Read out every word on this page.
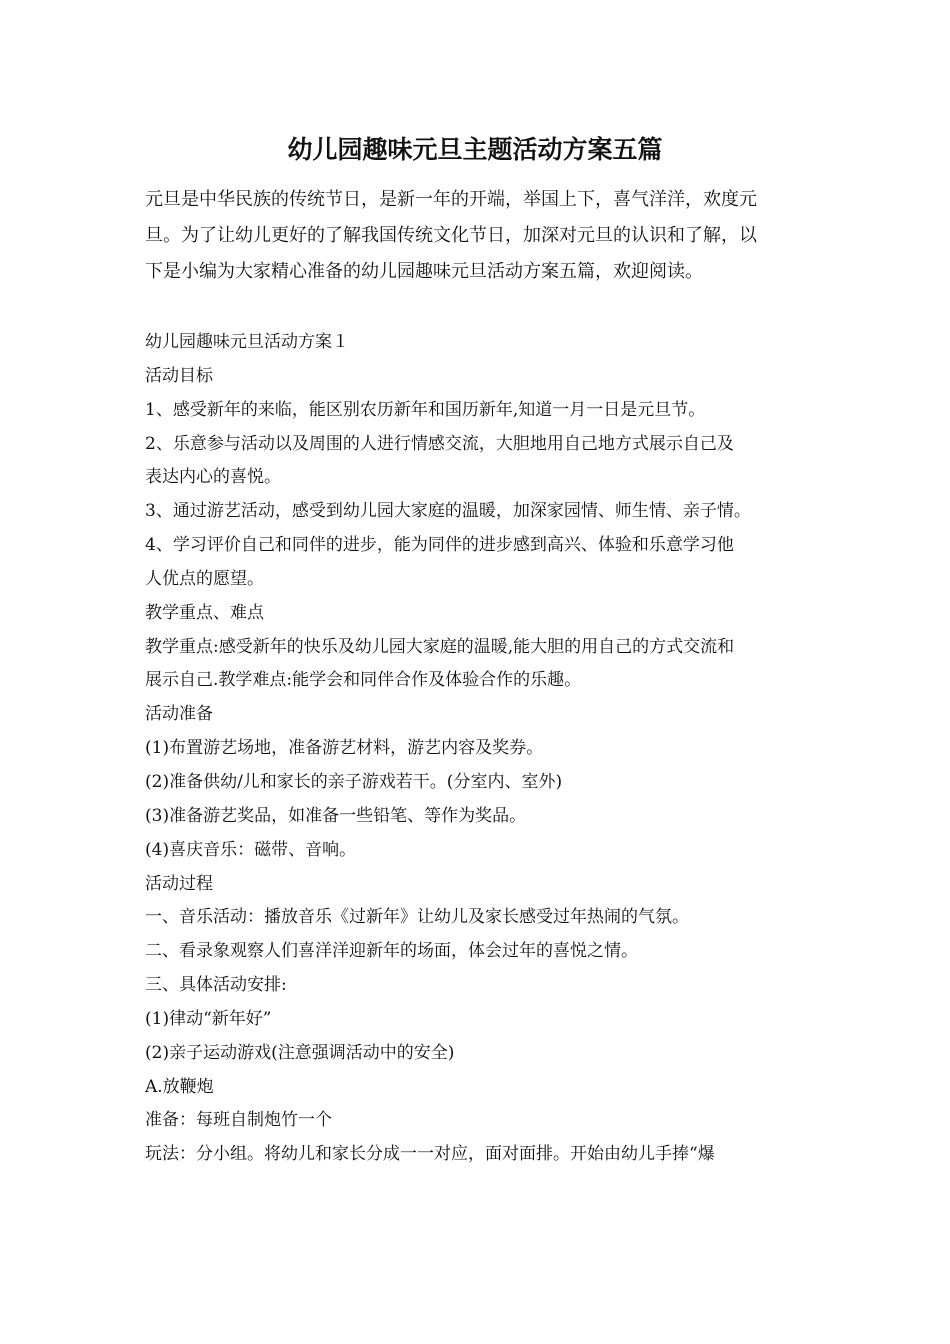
幼儿园趣味元旦主题活动方案五篇
元旦是中华民族的传统节日，是新一年的开端，举国上下，喜气洋洋，欢度元
旦。为了让幼儿更好的了解我国传统文化节日，加深对元旦的认识和了解，以
下是小编为大家精心准备的幼儿园趣味元旦活动方案五篇，欢迎阅读。
幼儿园趣味元旦活动方案１
活动目标
1、感受新年的来临，能区别农历新年和国历新年,知道一月一日是元旦节。
2、乐意参与活动以及周围的人进行情感交流，大胆地用自己地方式展示自己及
表达内心的喜悦。
3、通过游艺活动，感受到幼儿园大家庭的温暖，加深家园情、师生情、亲子情。
4、学习评价自己和同伴的进步，能为同伴的进步感到高兴、体验和乐意学习他
人优点的愿望。
教学重点、难点
教学重点:感受新年的快乐及幼儿园大家庭的温暖,能大胆的用自己的方式交流和
展示自己.教学难点:能学会和同伴合作及体验合作的乐趣。
活动准备
(1)布置游艺场地，准备游艺材料，游艺内容及奖券。
(2)准备供幼/儿和家长的亲子游戏若干。(分室内、室外)
(3)准备游艺奖品，如准备一些铅笔、等作为奖品。
(4)喜庆音乐：磁带、音响。
活动过程
一、音乐活动：播放音乐《过新年》让幼儿及家长感受过年热闹的气氛。
二、看录象观察人们喜洋洋迎新年的场面，体会过年的喜悦之情。
三、具体活动安排:
(1)律动“新年好”
(2)亲子运动游戏(注意强调活动中的安全)
A.放鞭炮
准备：每班自制炮竹一个
玩法：分小组。将幼儿和家长分成一一对应，面对面排。开始由幼儿手捧“爆
